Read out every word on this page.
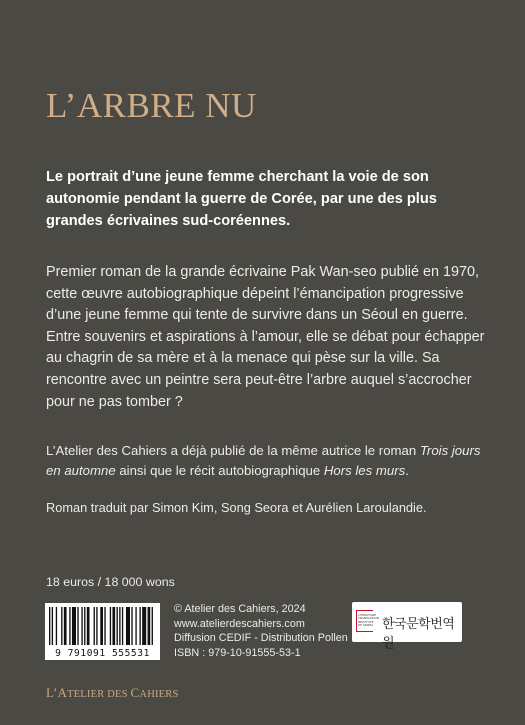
L’ARBRE NU

Le portrait d’une jeune femme cherchant la voie de son autonomie pendant la guerre de Corée, par une des plus grandes écrivaines sud-coréennes.

Premier roman de la grande écrivaine Pak Wan-seo publié en 1970, cette œuvre autobiographique dépeint l’émancipation progressive d’une jeune femme qui tente de survivre dans un Séoul en guerre. Entre souvenirs et aspirations à l’amour, elle se débat pour échapper au chagrin de sa mère et à la menace qui pèse sur la ville. Sa rencontre avec un peintre sera peut-être l’arbre auquel s’accrocher pour ne pas tomber ?

L’Atelier des Cahiers a déjà publié de la même autrice le roman Trois jours en automne ainsi que le récit autobiographique Hors les murs.

Roman traduit par Simon Kim, Song Seora et Aurélien Laroulandie.

18 euros / 18 000 wons

9 791091 555531
© Atelier des Cahiers, 2024
www.atelierdescahiers.com
Diffusion CEDIF - Distribution Pollen
ISBN : 979-10-91555-53-1
LITERATURE TRANSLATION INSTITUTE OF KOREA 한국문학번역원
L’ATELIER DES CAHIERS
